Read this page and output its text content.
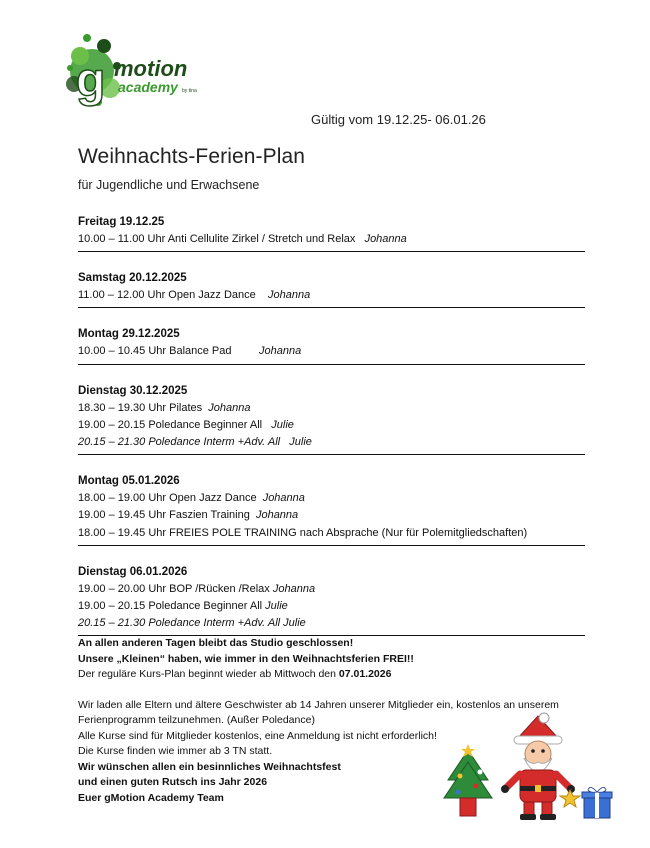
g motion
academy by tina
Gültig vom 19.12.25- 06.01.26
Weihnachts-Ferien-Plan
für Jugendliche und Erwachsene
Freitag 19.12.25
10.00 – 11.00 Uhr Anti Cellulite Zirkel / Stretch und Relax Johanna
Samstag 20.12.2025
11.00 – 12.00 Uhr Open Jazz Dance Johanna
Montag 29.12.2025
10.00 – 10.45 Uhr Balance Pad	Johanna
Dienstag 30.12.2025
18.30 – 19.30 Uhr Pilates Johanna
19.00 – 20.15 Poledance Beginner All Julie
20.15 – 21.30 Poledance Interm +Adv. All Julie
Montag 05.01.2026
18.00 – 19.00 Uhr Open Jazz Dance Johanna
19.00 – 19.45 Uhr Faszien Training Johanna
18.00 – 19.45 Uhr FREIES POLE TRAINING nach Absprache (Nur für Polemitgliedschaften)
Dienstag 06.01.2026
19.00 – 20.00 Uhr BOP /Rücken /Relax Johanna
19.00 – 20.15 Poledance Beginner All Julie
20.15 – 21.30 Poledance Interm +Adv. All Julie
An allen anderen Tagen bleibt das Studio geschlossen!
Unsere „Kleinen“ haben, wie immer in den Weihnachtsferien FREI!!
Der reguläre Kurs-Plan beginnt wieder ab Mittwoch den 07.01.2026
Wir laden alle Eltern und ältere Geschwister ab 14 Jahren unserer Mitglieder ein, kostenlos an unserem Ferienprogramm teilzunehmen. (Außer Poledance)
Alle Kurse sind für Mitglieder kostenlos, eine Anmeldung ist nicht erforderlich!
Die Kurse finden wie immer ab 3 TN statt.
Wir wünschen allen ein besinnliches Weihnachtsfest
und einen guten Rutsch ins Jahr 2026
Euer gMotion Academy Team
